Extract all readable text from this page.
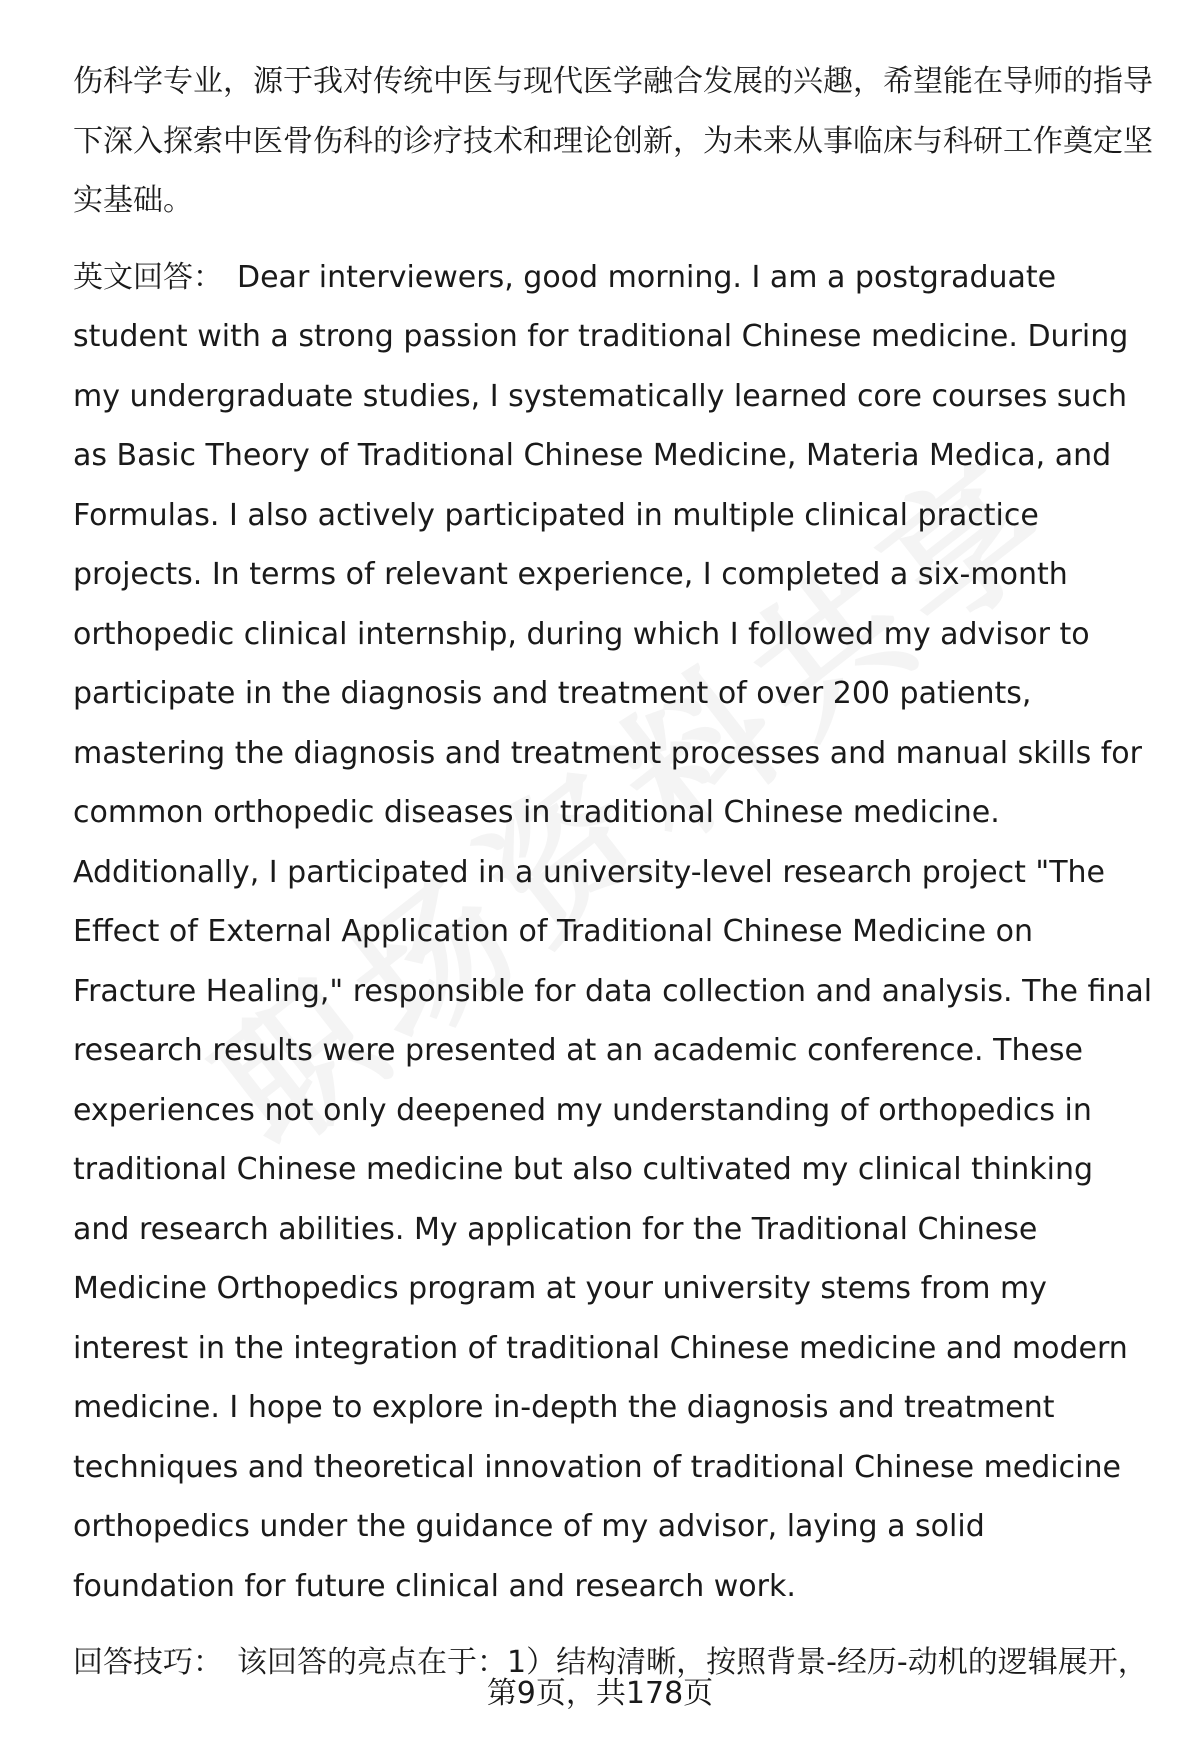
伤科学专业，源于我对传统中医与现代医学融合发展的兴趣，希望能在导师的指导下深入探索中医骨伤科的诊疗技术和理论创新，为未来从事临床与科研工作奠定坚实基础。

英文回答： Dear interviewers, good morning. I am a postgraduate student with a strong passion for traditional Chinese medicine. During my undergraduate studies, I systematically learned core courses such as Basic Theory of Traditional Chinese Medicine, Materia Medica, and Formulas. I also actively participated in multiple clinical practice projects. In terms of relevant experience, I completed a six-month orthopedic clinical internship, during which I followed my advisor to participate in the diagnosis and treatment of over 200 patients, mastering the diagnosis and treatment processes and manual skills for common orthopedic diseases in traditional Chinese medicine. Additionally, I participated in a university-level research project "The Effect of External Application of Traditional Chinese Medicine on Fracture Healing," responsible for data collection and analysis. The final research results were presented at an academic conference. These experiences not only deepened my understanding of orthopedics in traditional Chinese medicine but also cultivated my clinical thinking and research abilities. My application for the Traditional Chinese Medicine Orthopedics program at your university stems from my interest in the integration of traditional Chinese medicine and modern medicine. I hope to explore in-depth the diagnosis and treatment techniques and theoretical innovation of traditional Chinese medicine orthopedics under the guidance of my advisor, laying a solid foundation for future clinical and research work.

回答技巧： 该回答的亮点在于：1）结构清晰，按照背景-经历-动机的逻辑展开，

第9页，共178页
